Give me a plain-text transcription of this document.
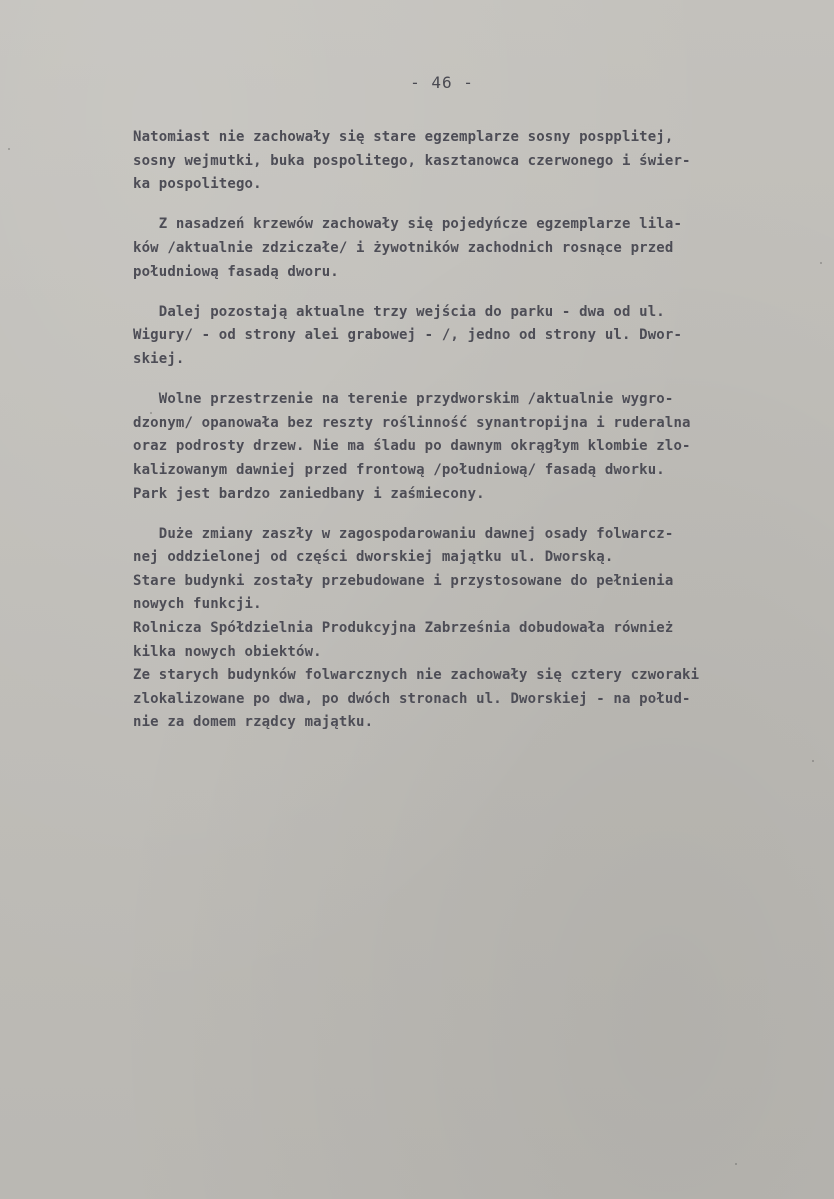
- 46 -
Natomiast nie zachowały się stare egzemplarze sosny pospplitej,
sosny wejmutki, buka pospolitego, kasztanowca czerwonego i świer-
ka pospolitego.
Z nasadzeń krzewów zachowały się pojedyńcze egzemplarze lila-
ków /aktualnie zdziczałe/ i żywotników zachodnich rosnące przed
południową fasadą dworu.
Dalej pozostają aktualne trzy wejścia do parku - dwa od ul.
Wigury/ - od strony alei grabowej - /, jedno od strony ul. Dwor-
skiej.
Wolne przestrzenie na terenie przydworskim /aktualnie wygro-
dzonym/ opanowała bez reszty roślinność synantropijna i ruderalna
oraz podrosty drzew. Nie ma śladu po dawnym okrągłym klombie zlo-
kalizowanym dawniej przed frontową /południową/ fasadą dworku.
Park jest bardzo zaniedbany i zaśmiecony.
Duże zmiany zaszły w zagospodarowaniu dawnej osady folwarcz-
nej oddzielonej od części dworskiej majątku ul. Dworską.
Stare budynki zostały przebudowane i przystosowane do pełnienia
nowych funkcji.
Rolnicza Spółdzielnia Produkcyjna Zabrześnia dobudowała również
kilka nowych obiektów.
Ze starych budynków folwarcznych nie zachowały się cztery czworaki
zlokalizowane po dwa, po dwóch stronach ul. Dworskiej - na połud-
nie za domem rządcy majątku.
